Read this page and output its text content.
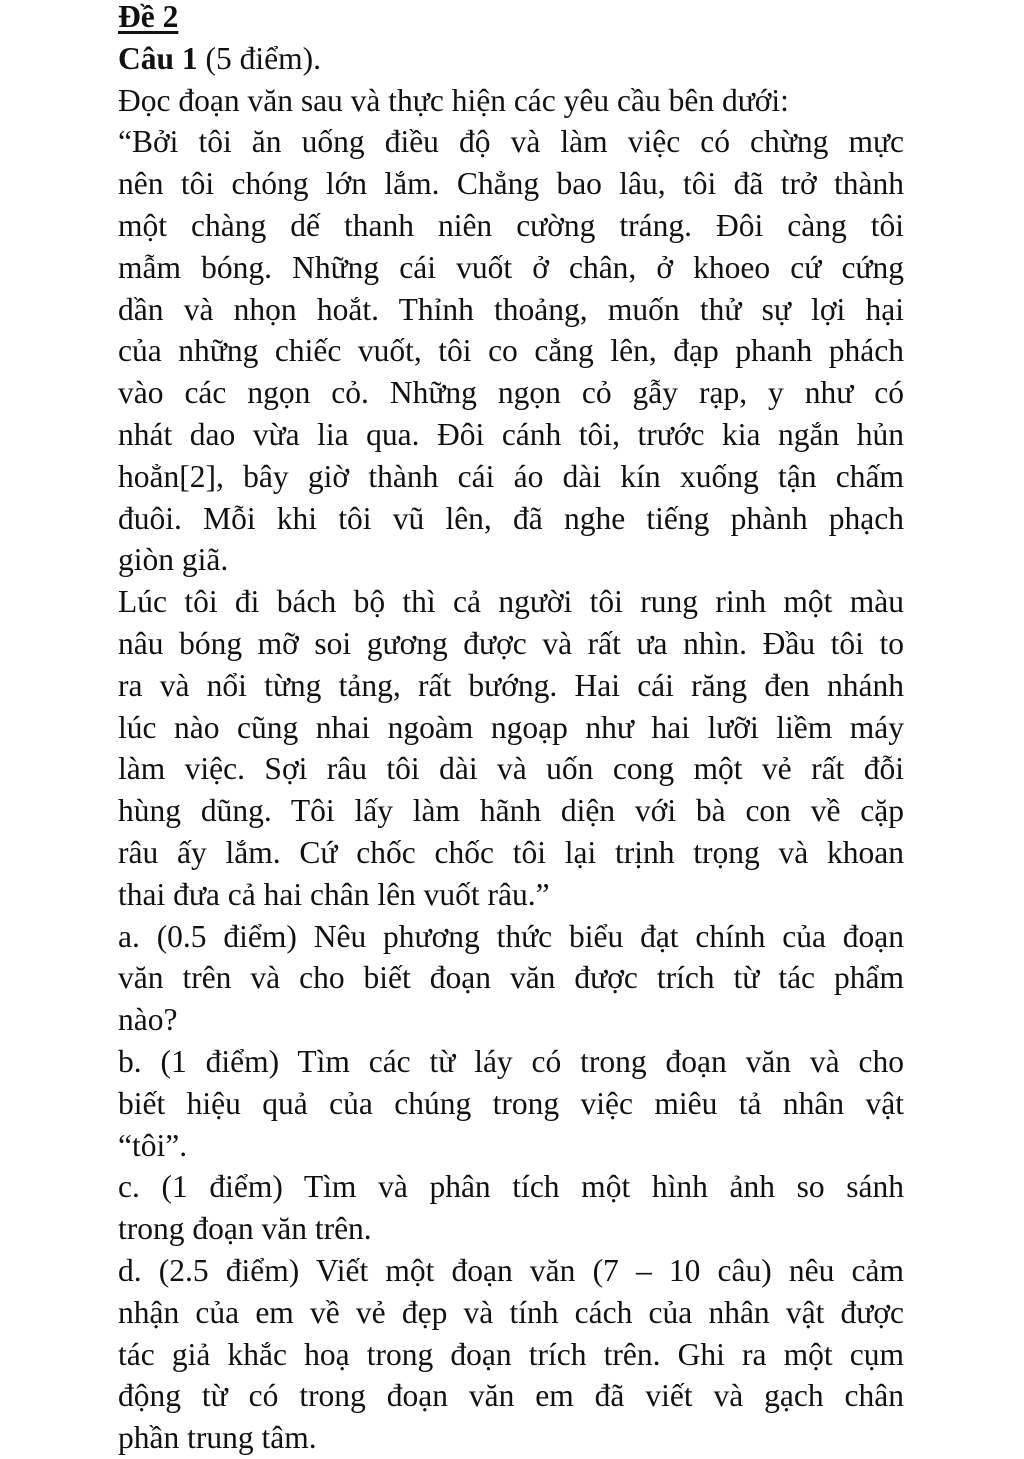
Đề 2
Câu 1 (5 điểm).
Đọc đoạn văn sau và thực hiện các yêu cầu bên dưới:
“Bởi tôi ăn uống điều độ và làm việc có chừng mực
nên tôi chóng lớn lắm. Chẳng bao lâu, tôi đã trở thành
một chàng dế thanh niên cường tráng. Đôi càng tôi
mẫm bóng. Những cái vuốt ở chân, ở khoeo cứ cứng
dần và nhọn hoắt. Thỉnh thoảng, muốn thử sự lợi hại
của những chiếc vuốt, tôi co cẳng lên, đạp phanh phách
vào các ngọn cỏ. Những ngọn cỏ gẫy rạp, y như có
nhát dao vừa lia qua. Đôi cánh tôi, trước kia ngắn hủn
hoẳn[2], bây giờ thành cái áo dài kín xuống tận chấm
đuôi. Mỗi khi tôi vũ lên, đã nghe tiếng phành phạch
giòn giã.
Lúc tôi đi bách bộ thì cả người tôi rung rinh một màu
nâu bóng mỡ soi gương được và rất ưa nhìn. Đầu tôi to
ra và nổi từng tảng, rất bướng. Hai cái răng đen nhánh
lúc nào cũng nhai ngoàm ngoạp như hai lưỡi liềm máy
làm việc. Sợi râu tôi dài và uốn cong một vẻ rất đỗi
hùng dũng. Tôi lấy làm hãnh diện với bà con về cặp
râu ấy lắm. Cứ chốc chốc tôi lại trịnh trọng và khoan
thai đưa cả hai chân lên vuốt râu.”
a. (0.5 điểm) Nêu phương thức biểu đạt chính của đoạn
văn trên và cho biết đoạn văn được trích từ tác phẩm
nào?
b. (1 điểm) Tìm các từ láy có trong đoạn văn và cho
biết hiệu quả của chúng trong việc miêu tả nhân vật
“tôi”.
c. (1 điểm) Tìm và phân tích một hình ảnh so sánh
trong đoạn văn trên.
d. (2.5 điểm) Viết một đoạn văn (7 – 10 câu) nêu cảm
nhận của em về vẻ đẹp và tính cách của nhân vật được
tác giả khắc hoạ trong đoạn trích trên. Ghi ra một cụm
động từ có trong đoạn văn em đã viết và gạch chân
phần trung tâm.
